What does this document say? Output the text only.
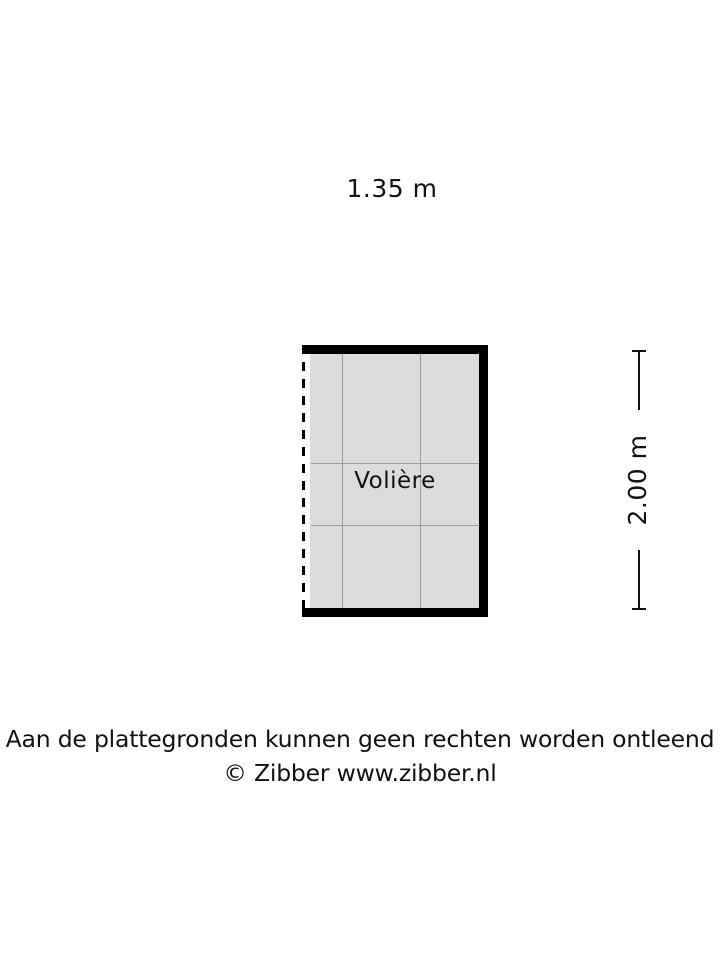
1.35 m
2.00 m
Volière
Aan de plattegronden kunnen geen rechten worden ontleend
© Zibber www.zibber.nl
